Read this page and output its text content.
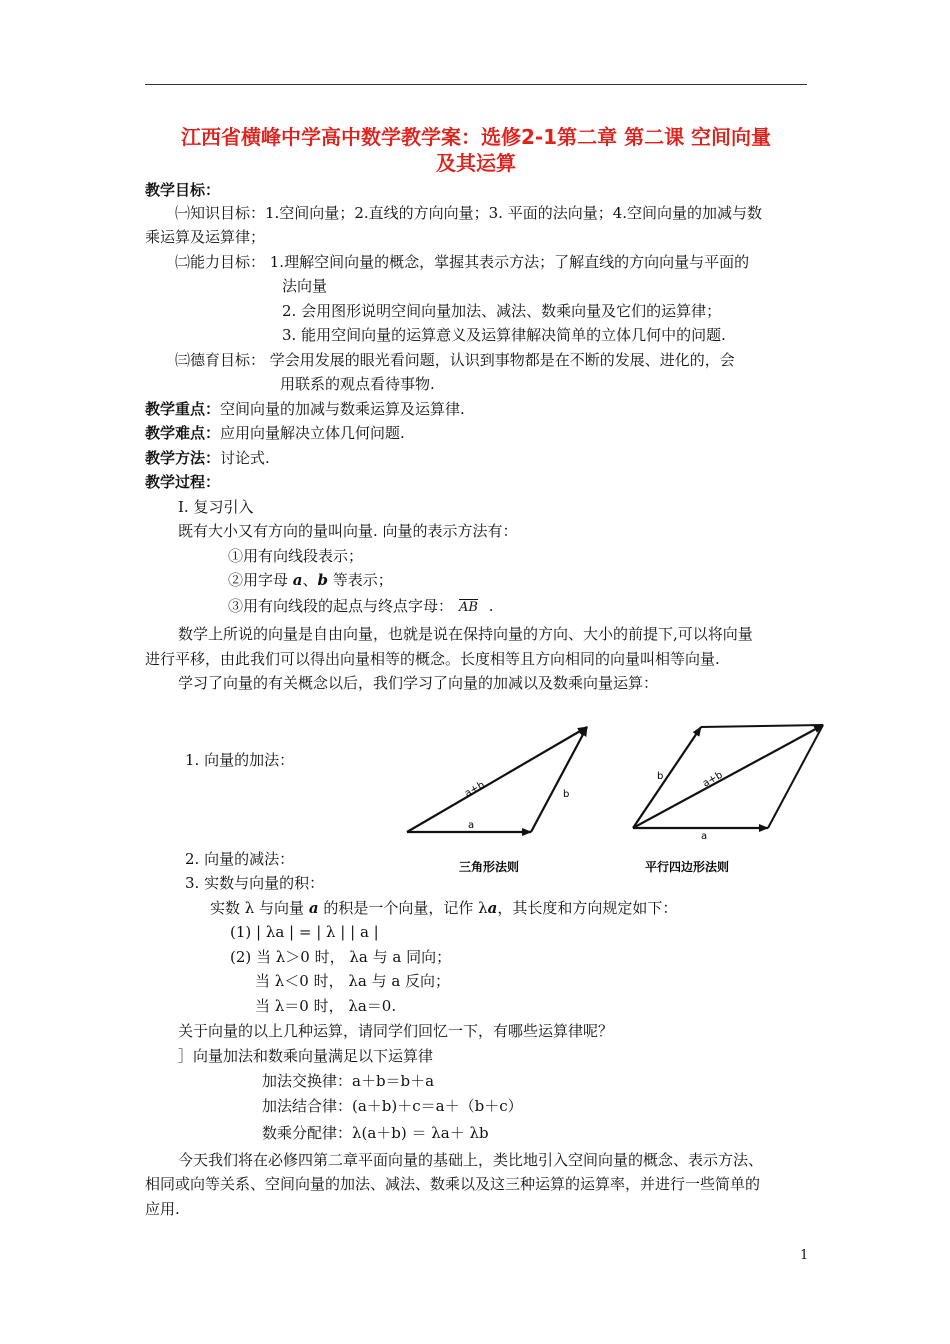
江西省横峰中学高中数学教学案：选修2-1第二章 第二课 空间向量
及其运算
教学目标：
㈠知识目标：1.空间向量；2.直线的方向向量；3. 平面的法向量；4.空间向量的加减与数
乘运算及运算律；
㈡能力目标： 1.理解空间向量的概念，掌握其表示方法；了解直线的方向向量与平面的
法向量
2. 会用图形说明空间向量加法、减法、数乘向量及它们的运算律；
3. 能用空间向量的运算意义及运算律解决简单的立体几何中的问题.
㈢德育目标： 学会用发展的眼光看问题，认识到事物都是在不断的发展、进化的，会
用联系的观点看待事物.
教学重点：空间向量的加减与数乘运算及运算律.
教学难点：应用向量解决立体几何问题.
教学方法：讨论式.
教学过程：
Ⅰ. 复习引入
既有大小又有方向的量叫向量. 向量的表示方法有：
①用有向线段表示；
②用字母 a、b 等表示；
③用有向线段的起点与终点字母： $\overline{AB}$ .
数学上所说的向量是自由向量，也就是说在保持向量的方向、大小的前提下,可以将向量
进行平移，由此我们可以得出向量相等的概念。长度相等且方向相同的向量叫相等向量.
学习了向量的有关概念以后，我们学习了向量的加减以及数乘向量运算：
1. 向量的加法：
a+b
a
b
三角形法则
a+b
b
a
平行四边形法则
2. 向量的减法：
3. 实数与向量的积：
实数 λ 与向量 a 的积是一个向量，记作 λa，其长度和方向规定如下：
(1) | λa | = | λ | | a |
(2) 当 λ＞0 时， λa 与 a 同向；
当 λ＜0 时， λa 与 a 反向；
当 λ＝0 时， λa＝0.
关于向量的以上几种运算，请同学们回忆一下，有哪些运算律呢？
］向量加法和数乘向量满足以下运算律
加法交换律：a＋b＝b＋a
加法结合律：(a＋b)＋c＝a＋（b＋c）
数乘分配律：λ(a＋b) ＝ λa＋ λb
今天我们将在必修四第二章平面向量的基础上，类比地引入空间向量的概念、表示方法、
相同或向等关系、空间向量的加法、减法、数乘以及这三种运算的运算率，并进行一些简单的
应用.
1
